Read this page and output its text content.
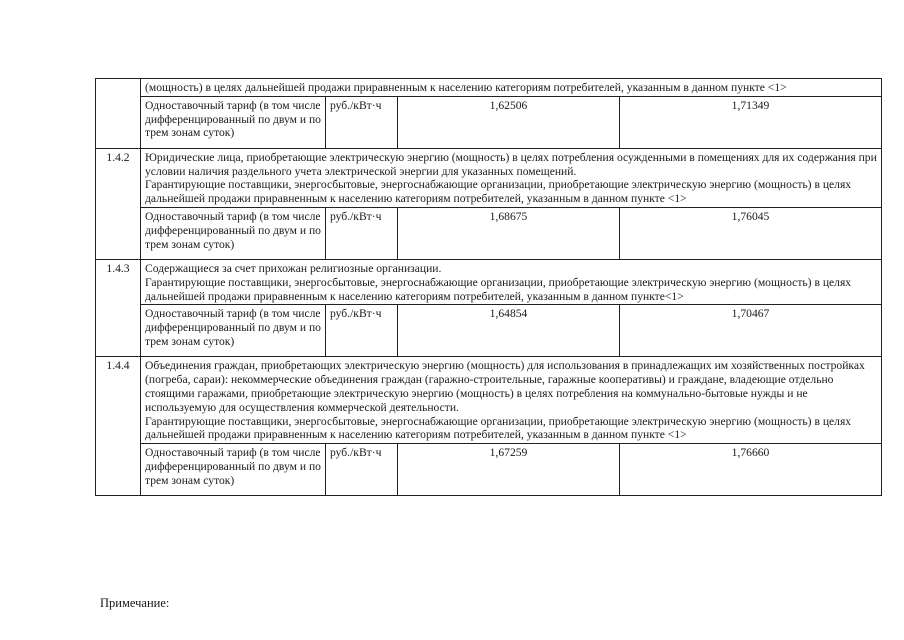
	(мощность) в целях дальнейшей продажи приравненным к населению категориям потребителей, указанным в данном пункте <1>			

	Одноставочный тариф (в том числе дифференцированный по двум и по трем зонам суток)	руб./кВт·ч	1,62506	1,71349
1.4.2	Юридические лица, приобретающие электрическую энергию (мощность) в целях потребления осужденными в помещениях для их содержания при условии наличия раздельного учета электрической энергии для указанных помещений.

Гарантирующие поставщики, энергосбытовые, энергоснабжающие организации, приобретающие электрическую энергию (мощность) в целях дальнейшей продажи приравненным к населению категориям потребителей, указанным в данном пункте <1>			

	Одноставочный тариф (в том числе дифференцированный по двум и по трем зонам суток)	руб./кВт·ч	1,68675	1,76045
1.4.3	Содержащиеся за счет прихожан религиозные организации.

Гарантирующие поставщики, энергосбытовые, энергоснабжающие организации, приобретающие электрическую энергию (мощность) в целях дальнейшей продажи приравненным к населению категориям потребителей, указанным в данном пункте<1>			

	Одноставочный тариф (в том числе дифференцированный по двум и по трем зонам суток)	руб./кВт·ч	1,64854	1,70467
1.4.4	Объединения граждан, приобретающих электрическую энергию (мощность) для использования в принадлежащих им хозяйственных постройках (погреба, сараи): некоммерческие объединения граждан (гаражно-строительные, гаражные кооперативы) и граждане, владеющие отдельно стоящими гаражами, приобретающие электрическую энергию (мощность) в целях потребления на коммунально-бытовые нужды и не используемую для осуществления коммерческой деятельности.

Гарантирующие поставщики, энергосбытовые, энергоснабжающие организации, приобретающие электрическую энергию (мощность) в целях дальнейшей продажи приравненным к населению категориям потребителей, указанным в данном пункте <1>			

	Одноставочный тариф (в том числе дифференцированный по двум и по трем зонам суток)	руб./кВт·ч	1,67259	1,76660
Примечание:
